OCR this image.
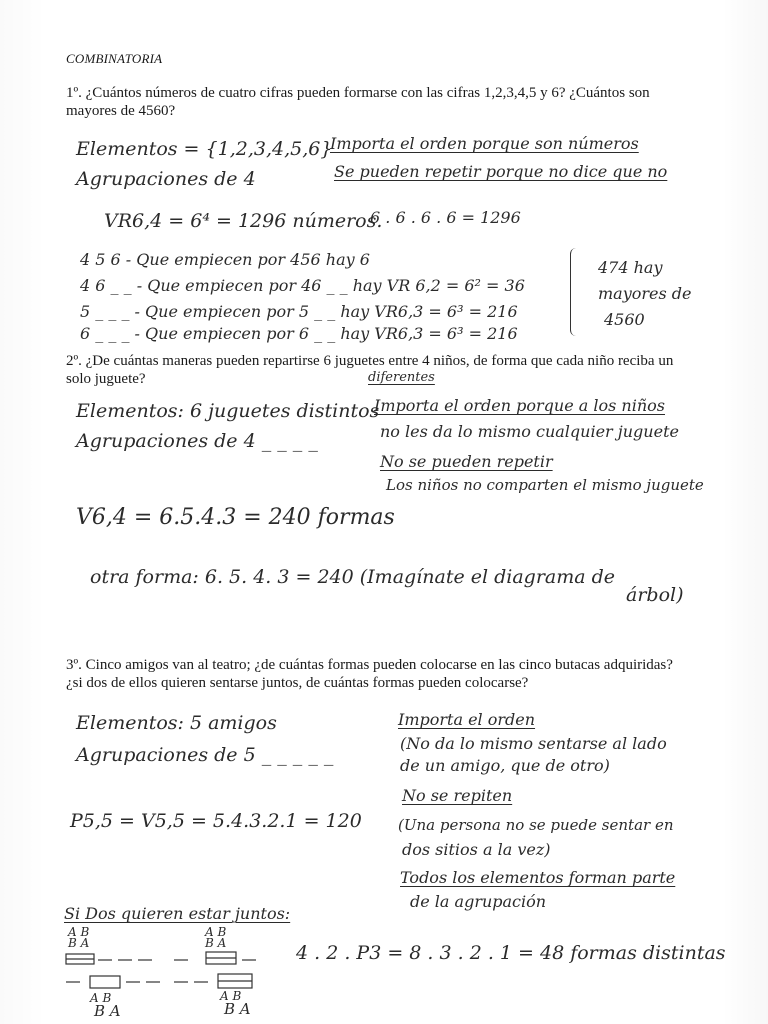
COMBINATORIA
1º. ¿Cuántos números de cuatro cifras pueden formarse con las cifras 1,2,3,4,5 y 6? ¿Cuántos son
mayores de 4560?
Elementos = {1,2,3,4,5,6}
Agrupaciones de 4
Importa el orden porque son números
Se pueden repetir porque no dice que no
VR6,4 = 6⁴ = 1296 números.
6 . 6 . 6 . 6 = 1296
4 5 6 - Que empiecen por 456 hay 6
4 6 _ _ - Que empiecen por 46 _ _ hay VR 6,2 = 6² = 36
5 _ _ _ - Que empiecen por 5 _ _ hay VR6,3 = 6³ = 216
6 _ _ _ - Que empiecen por 6 _ _ hay VR6,3 = 6³ = 216
474 hay
mayores de
4560
2º. ¿De cuántas maneras pueden repartirse 6 juguetes entre 4 niños, de forma que cada niño reciba un
solo juguete?	diferentes
Elementos: 6 juguetes distintos
Agrupaciones de 4 _ _ _ _
Importa el orden porque a los niños
no les da lo mismo cualquier juguete
No se pueden repetir
Los niños no comparten el mismo juguete
V6,4 = 6.5.4.3 = 240 formas
otra forma: 6. 5. 4. 3 = 240 (Imagínate el diagrama de
árbol)
3º. Cinco amigos van al teatro; ¿de cuántas formas pueden colocarse en las cinco butacas adquiridas?
¿si dos de ellos quieren sentarse juntos, de cuántas formas pueden colocarse?
Elementos: 5 amigos
Agrupaciones de 5 _ _ _ _ _
Importa el orden
(No da lo mismo sentarse al lado
de un amigo, que de otro)
P5,5 = V5,5 = 5.4.3.2.1 = 120
No se repiten
(Una persona no se puede sentar en
dos sitios a la vez)
Todos los elementos forman parte
de la agrupación
Si Dos quieren estar juntos:
4 . 2 . P3 = 8 . 3 . 2 . 1 = 48 formas distintas
A B
B A
A B
B A
A B
B A
A B
B A
